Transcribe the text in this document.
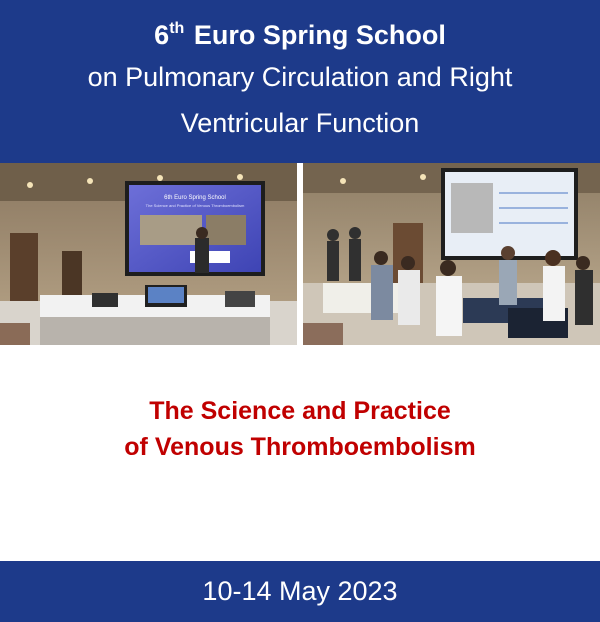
6th Euro Spring School
on Pulmonary Circulation and Right
Ventricular Function
6th Euro Spring School
The Science and Practice of Venous Thromboembolism
The Science and Practice
of Venous Thromboembolism
10-14 May 2023
